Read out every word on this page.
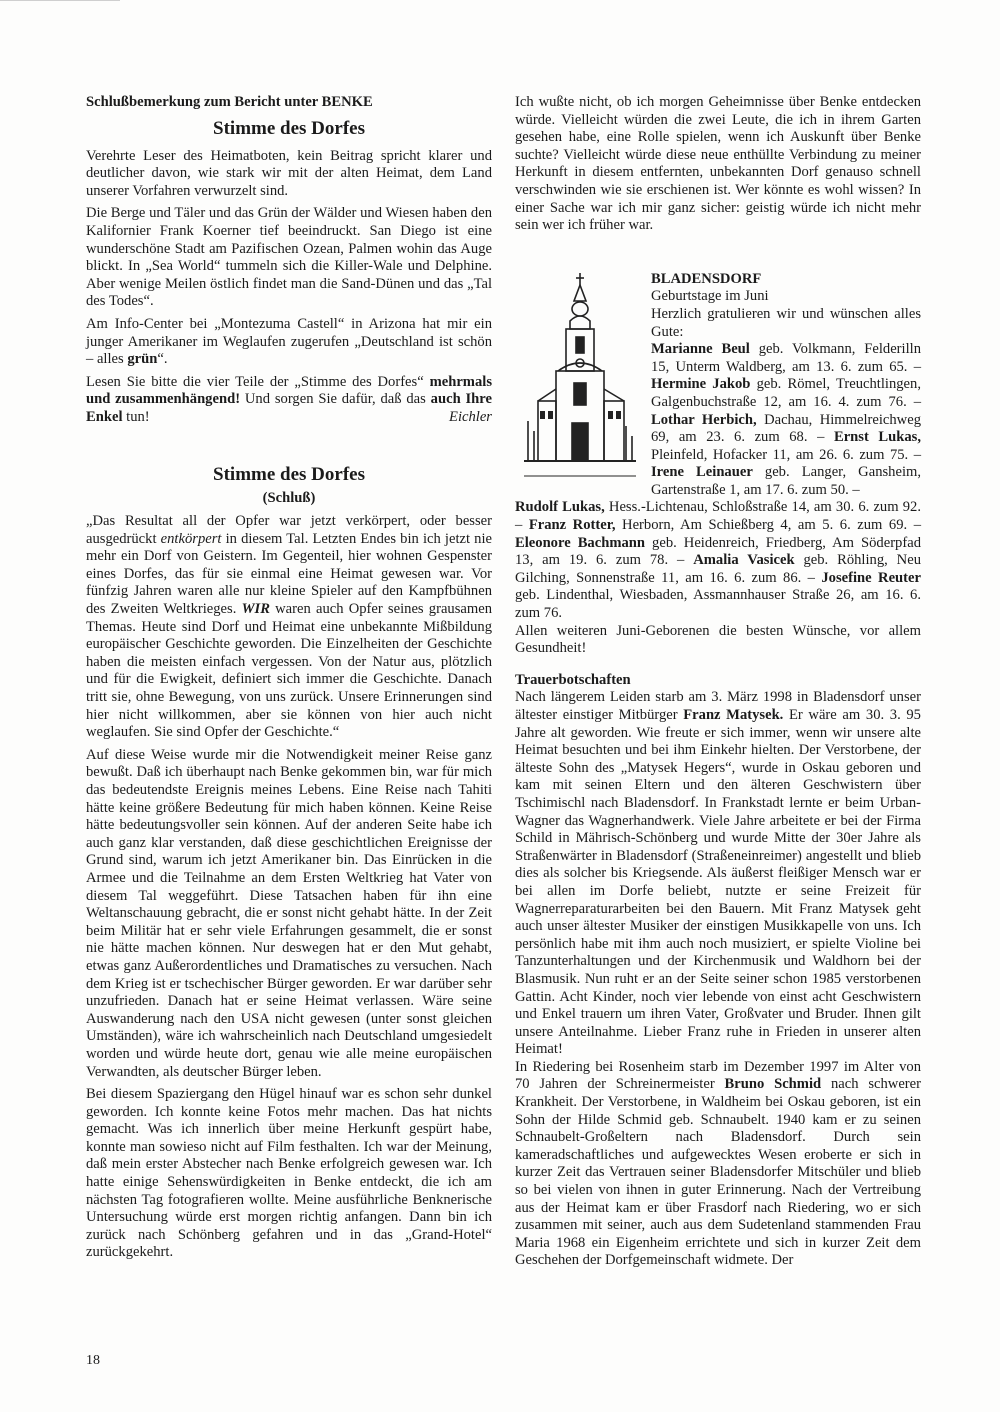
Schlußbemerkung zum Bericht unter BENKE

Stimme des Dorfes

Verehrte Leser des Heimatboten, kein Beitrag spricht klarer und deutlicher davon, wie stark wir mit der alten Heimat, dem Land unserer Vorfahren verwurzelt sind.

Die Berge und Täler und das Grün der Wälder und Wiesen haben den Kalifornier Frank Koerner tief beeindruckt. San Diego ist eine wunderschöne Stadt am Pazifischen Ozean, Palmen wohin das Auge blickt. In „Sea World“ tummeln sich die Killer-Wale und Delphine. Aber wenige Meilen östlich findet man die Sand-Dünen und das „Tal des Todes“.

Am Info-Center bei „Montezuma Castell“ in Arizona hat mir ein junger Amerikaner im Weglaufen zugerufen „Deutschland ist schön – alles grün“.

Lesen Sie bitte die vier Teile der „Stimme des Dorfes“ mehrmals und zusammenhängend! Und sorgen Sie dafür, daß das auch Ihre Enkel tun!	Eichler

Stimme des Dorfes
(Schluß)

„Das Resultat all der Opfer war jetzt verkörpert, oder besser ausgedrückt entkörpert in diesem Tal. Letzten Endes bin ich jetzt nie mehr ein Dorf von Geistern. Im Gegenteil, hier wohnen Gespenster eines Dorfes, das für sie einmal eine Heimat gewesen war. Vor fünfzig Jahren waren alle nur kleine Spieler auf den Kampfbühnen des Zweiten Weltkrieges. WIR waren auch Opfer seines grausamen Themas. Heute sind Dorf und Heimat eine unbekannte Mißbildung europäischer Geschichte geworden. Die Einzelheiten der Geschichte haben die meisten einfach vergessen. Von der Natur aus, plötzlich und für die Ewigkeit, definiert sich immer die Geschichte. Danach tritt sie, ohne Bewegung, von uns zurück. Unsere Erinnerungen sind hier nicht willkommen, aber sie können von hier auch nicht weglaufen. Sie sind Opfer der Geschichte.“

Auf diese Weise wurde mir die Notwendigkeit meiner Reise ganz bewußt. Daß ich überhaupt nach Benke gekommen bin, war für mich das bedeutendste Ereignis meines Lebens. Eine Reise nach Tahiti hätte keine größere Bedeutung für mich haben können. Keine Reise hätte bedeutungsvoller sein können. Auf der anderen Seite habe ich auch ganz klar verstanden, daß diese geschichtlichen Ereignisse der Grund sind, warum ich jetzt Amerikaner bin. Das Einrücken in die Armee und die Teilnahme an dem Ersten Weltkrieg hat Vater von diesem Tal weggeführt. Diese Tatsachen haben für ihn eine Weltanschauung gebracht, die er sonst nicht gehabt hätte. In der Zeit beim Militär hat er sehr viele Erfahrungen gesammelt, die er sonst nie hätte machen können. Nur deswegen hat er den Mut gehabt, etwas ganz Außerordentliches und Dramatisches zu versuchen. Nach dem Krieg ist er tschechischer Bürger geworden. Er war darüber sehr unzufrieden. Danach hat er seine Heimat verlassen. Wäre seine Auswanderung nach den USA nicht gewesen (unter sonst gleichen Umständen), wäre ich wahrscheinlich nach Deutschland umgesiedelt worden und würde heute dort, genau wie alle meine europäischen Verwandten, als deutscher Bürger leben.

Bei diesem Spaziergang den Hügel hinauf war es schon sehr dunkel geworden. Ich konnte keine Fotos mehr machen. Das hat nichts gemacht. Was ich innerlich über meine Herkunft gespürt habe, konnte man sowieso nicht auf Film festhalten. Ich war der Meinung, daß mein erster Abstecher nach Benke erfolgreich gewesen war. Ich hatte einige Sehenswürdigkeiten in Benke entdeckt, die ich am nächsten Tag fotografieren wollte. Meine ausführliche Benknerische Untersuchung würde erst morgen richtig anfangen. Dann bin ich zurück nach Schönberg gefahren und in das „Grand-Hotel“ zurückgekehrt.

Ich wußte nicht, ob ich morgen Geheimnisse über Benke entdecken würde. Vielleicht würden die zwei Leute, die ich in ihrem Garten gesehen habe, eine Rolle spielen, wenn ich Auskunft über Benke suchte? Vielleicht würde diese neue enthüllte Verbindung zu meiner Herkunft in diesem entfernten, unbekannten Dorf genauso schnell verschwinden wie sie erschienen ist. Wer könnte es wohl wissen? In einer Sache war ich mir ganz sicher: geistig würde ich nicht mehr sein wer ich früher war.

BLADENSDORF
Geburtstage im Juni
Herzlich gratulieren wir und wünschen alles Gute:

Marianne Beul geb. Volkmann, Felderilln 15, Unterm Waldberg, am 13. 6. zum 65. – Hermine Jakob geb. Römel, Treuchtlingen, Galgenbuchstraße 12, am 16. 4. zum 76. – Lothar Herbich, Dachau, Himmelreichweg 69, am 23. 6. zum 68. – Ernst Lukas, Pleinfeld, Hofacker 11, am 26. 6. zum 75. – Irene Leinauer geb. Langer, Gansheim, Gartenstraße 1, am 17. 6. zum 50. –
Rudolf Lukas, Hess.-Lichtenau, Schloßstraße 14, am 30. 6. zum 92. – Franz Rotter, Herborn, Am Schießberg 4, am 5. 6. zum 69. – Eleonore Bachmann geb. Heidenreich, Friedberg, Am Söderpfad 13, am 19. 6. zum 78. – Amalia Vasicek geb. Röhling, Neu Gilching, Sonnenstraße 11, am 16. 6. zum 86. – Josefine Reuter geb. Lindenthal, Wiesbaden, Assmannhauser Straße 26, am 16. 6. zum 76.

Allen weiteren Juni-Geborenen die besten Wünsche, vor allem Gesundheit!

Trauerbotschaften

Nach längerem Leiden starb am 3. März 1998 in Bladensdorf unser ältester einstiger Mitbürger Franz Matysek. Er wäre am 30. 3. 95 Jahre alt geworden. Wie freute er sich immer, wenn wir unsere alte Heimat besuchten und bei ihm Einkehr hielten. Der Verstorbene, der älteste Sohn des „Matysek Hegers“, wurde in Oskau geboren und kam mit seinen Eltern und den älteren Geschwistern über Tschimischl nach Bladensdorf. In Frankstadt lernte er beim Urban-Wagner das Wagnerhandwerk. Viele Jahre arbeitete er bei der Firma Schild in Mährisch-Schönberg und wurde Mitte der 30er Jahre als Straßenwärter in Bladensdorf (Straßeneinreimer) angestellt und blieb dies als solcher bis Kriegsende. Als äußerst fleißiger Mensch war er bei allen im Dorfe beliebt, nutzte er seine Freizeit für Wagnerreparaturarbeiten bei den Bauern. Mit Franz Matysek geht auch unser ältester Musiker der einstigen Musikkapelle von uns. Ich persönlich habe mit ihm auch noch musiziert, er spielte Violine bei Tanzunterhaltungen und der Kirchenmusik und Waldhorn bei der Blasmusik. Nun ruht er an der Seite seiner schon 1985 verstorbenen Gattin. Acht Kinder, noch vier lebende von einst acht Geschwistern und Enkel trauern um ihren Vater, Großvater und Bruder. Ihnen gilt unsere Anteilnahme. Lieber Franz ruhe in Frieden in unserer alten Heimat!

In Riedering bei Rosenheim starb im Dezember 1997 im Alter von 70 Jahren der Schreinermeister Bruno Schmid nach schwerer Krankheit. Der Verstorbene, in Waldheim bei Oskau geboren, ist ein Sohn der Hilde Schmid geb. Schnaubelt. 1940 kam er zu seinen Schnaubelt-Großeltern nach Bladensdorf. Durch sein kameradschaftliches und aufgewecktes Wesen eroberte er sich in kurzer Zeit das Vertrauen seiner Bladensdorfer Mitschüler und blieb so bei vielen von ihnen in guter Erinnerung. Nach der Vertreibung aus der Heimat kam er über Frasdorf nach Riedering, wo er sich zusammen mit seiner, auch aus dem Sudetenland stammenden Frau Maria 1968 ein Eigenheim errichtete und sich in kurzer Zeit dem Geschehen der Dorfgemeinschaft widmete. Der

18
